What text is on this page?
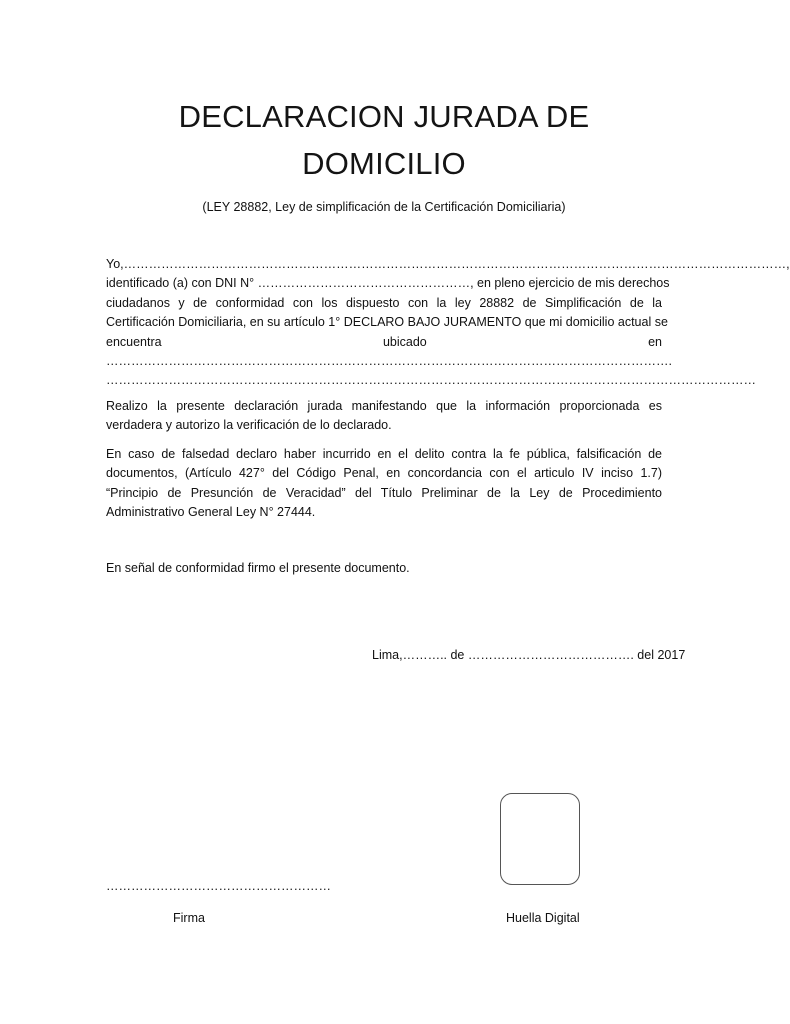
DECLARACION JURADA DE
DOMICILIO
(LEY 28882, Ley de simplificación de la Certificación Domiciliaria)
Yo,……………………………………………………………………………………………………………………………………………,
identificado (a) con DNI N° ……………………………………………, en pleno ejercicio de mis derechos
ciudadanos y de conformidad con los dispuesto con la ley 28882 de Simplificación de la
Certificación Domiciliaria, en su artículo 1° DECLARO BAJO JURAMENTO que mi domicilio actual se
encuentra	ubicado	en
……………………………………………………………………………………………………………………….
…………………………………………………………………………………………………………………………………………
Realizo la presente declaración jurada manifestando que la información proporcionada es verdadera y autorizo la verificación de lo declarado.
En caso de falsedad declaro haber incurrido en el delito contra la fe pública, falsificación de documentos, (Artículo 427° del Código Penal, en concordancia con el articulo IV inciso 1.7) “Principio de Presunción de Veracidad” del Título Preliminar de la Ley de Procedimiento Administrativo General Ley N° 27444.
En señal de conformidad firmo el presente documento.
Lima,……….. de …………………………………. del 2017
………………………………………………
Firma	Huella Digital
